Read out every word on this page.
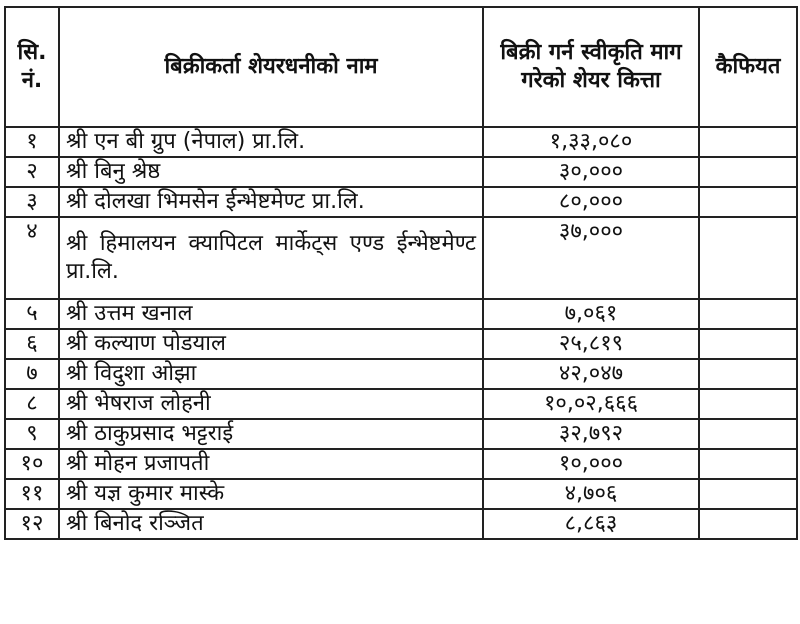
सि.
नं.	बिक्रीकर्ता शेयरधनीको नाम	बिक्री गर्न स्वीकृति माग गरेको शेयर कित्ता	कैफियत
१	श्री एन बी ग्रुप (नेपाल) प्रा.लि.	१,३३,०८०	
२	श्री बिनु श्रेष्ठ	३०,०००	
३	श्री दोलखा भिमसेन ईन्भेष्टमेण्ट प्रा.लि.	८०,०००	
४	श्री हिमालयन क्यापिटल मार्केट्स एण्ड ईन्भेष्टमेण्ट प्रा.लि.	३७,०००	
५	श्री उत्तम खनाल	७,०६१	
६	श्री कल्याण पोडयाल	२५,८१९	
७	श्री विदुशा ओझा	४२,०४७	
८	श्री भेषराज लोहनी	१०,०२,६६६	
९	श्री ठाकुप्रसाद भट्टराई	३२,७९२	
१०	श्री मोहन प्रजापती	१०,०००	
११	श्री यज्ञ कुमार मास्के	४,७०६	
१२	श्री बिनोद रञ्जित	८,८६३	
